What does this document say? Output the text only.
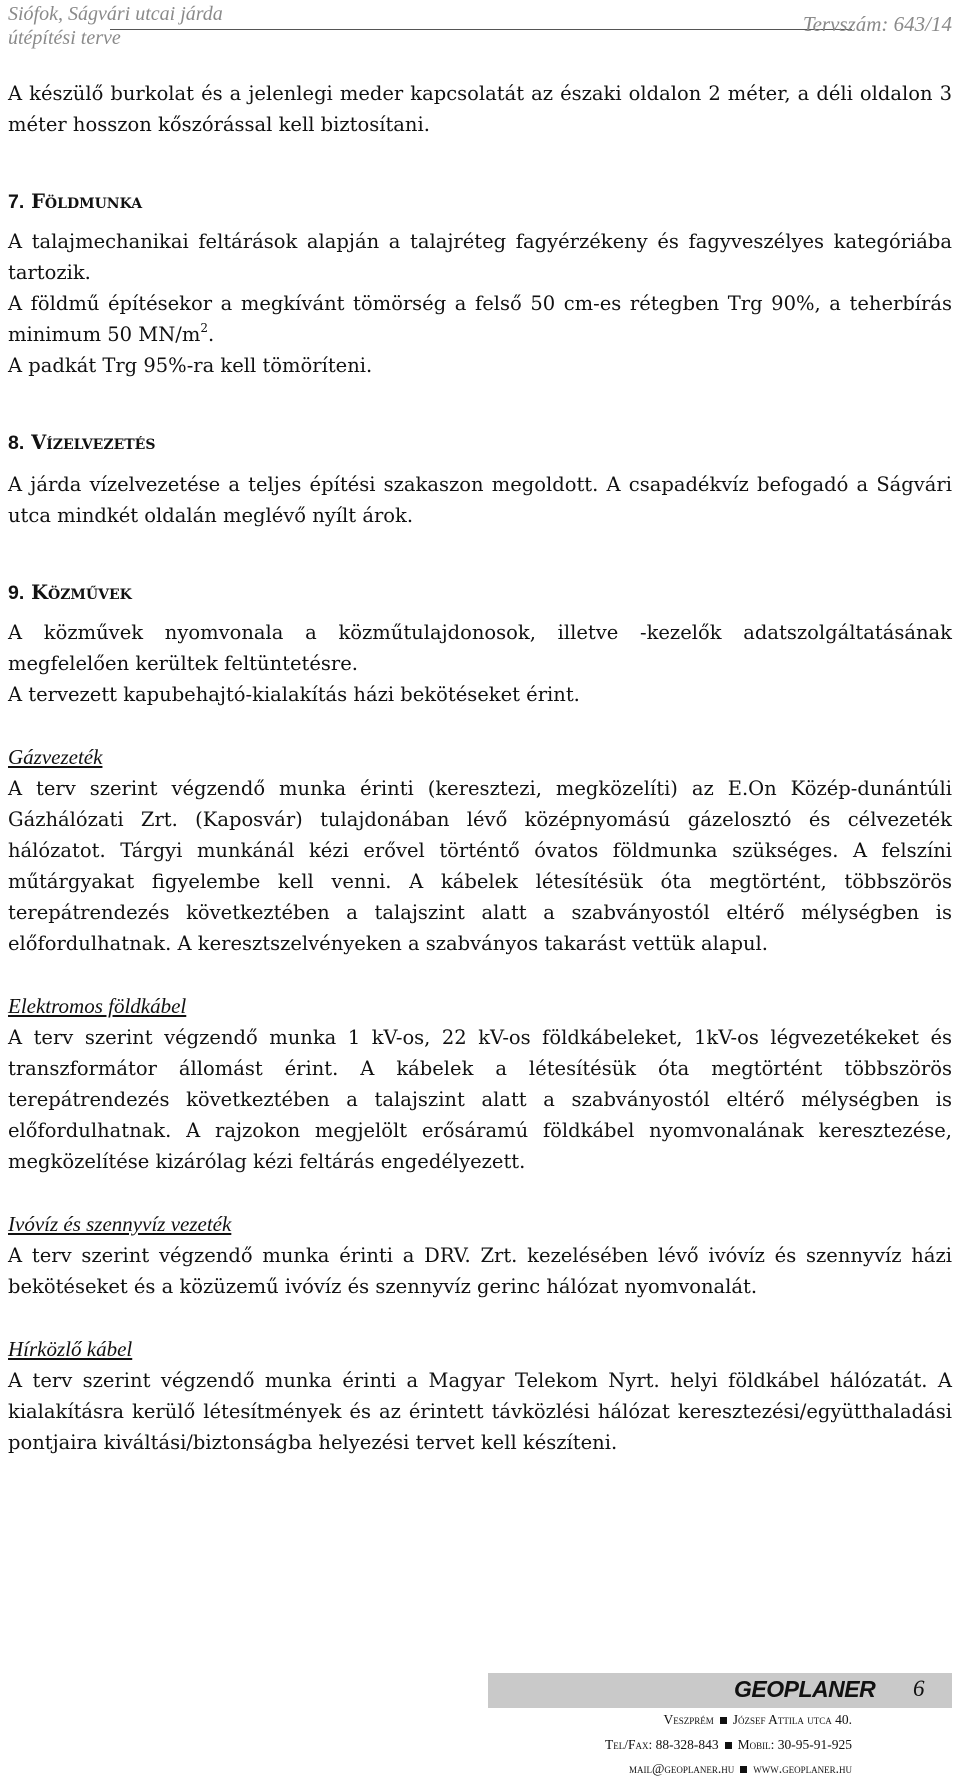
Siófok, Ságvári utcai járda
útépítési terve
Tervszám: 643/14

A készülő burkolat és a jelenlegi meder kapcsolatát az északi oldalon 2 méter, a déli oldalon 3 méter hosszon kőszórással kell biztosítani.

7. Földmunka

A talajmechanikai feltárások alapján a talajréteg fagyérzékeny és fagyveszélyes kategóriába tartozik.

A földmű építésekor a megkívánt tömörség a felső 50 cm-es rétegben Trg 90%, a teherbírás minimum 50 $MN/m^2$.

A padkát Trg 95%-ra kell tömöríteni.

8. Vízelvezetés

A járda vízelvezetése a teljes építési szakaszon megoldott. A csapadékvíz befogadó a Ságvári utca mindkét oldalán meglévő nyílt árok.

9. Közművek

A közművek nyomvonala a közműtulajdonosok, illetve -kezelők adatszolgáltatásának megfelelően kerültek feltüntetésre.

A tervezett kapubehajtó-kialakítás házi bekötéseket érint.

Gázvezeték

A terv szerint végzendő munka érinti (keresztezi, megközelíti) az E.On Közép-dunántúli Gázhálózati Zrt. (Kaposvár) tulajdonában lévő középnyomású gázelosztó és célvezeték hálózatot. Tárgyi munkánál kézi erővel történtő óvatos földmunka szükséges. A felszíni műtárgyakat figyelembe kell venni. A kábelek létesítésük óta megtörtént, többszörös terepátrendezés következtében a talajszint alatt a szabványostól eltérő mélységben is előfordulhatnak. A keresztszelvényeken a szabványos takarást vettük alapul.

Elektromos földkábel

A terv szerint végzendő munka 1 kV-os, 22 kV-os földkábeleket, 1kV-os légvezetékeket és transzformátor állomást érint. A kábelek a létesítésük óta megtörtént többszörös terepátrendezés következtében a talajszint alatt a szabványostól eltérő mélységben is előfordulhatnak. A rajzokon megjelölt erősáramú földkábel nyomvonalának keresztezése, megközelítése kizárólag kézi feltárás engedélyezett.

Ivóvíz és szennyvíz vezeték

A terv szerint végzendő munka érinti a DRV. Zrt. kezelésében lévő ivóvíz és szennyvíz házi bekötéseket és a közüzemű ivóvíz és szennyvíz gerinc hálózat nyomvonalát.

Hírközlő kábel

A terv szerint végzendő munka érinti a Magyar Telekom Nyrt. helyi földkábel hálózatát. A kialakításra kerülő létesítmények és az érintett távközlési hálózat keresztezési/együtthaladási pontjaira kiváltási/biztonságba helyezési tervet kell készíteni.

GEOPLANER 6
Veszprém József Attila utca 40.
Tel/Fax: 88-328-843 Mobil: 30-95-91-925
mail@geoplaner.hu www.geoplaner.hu
